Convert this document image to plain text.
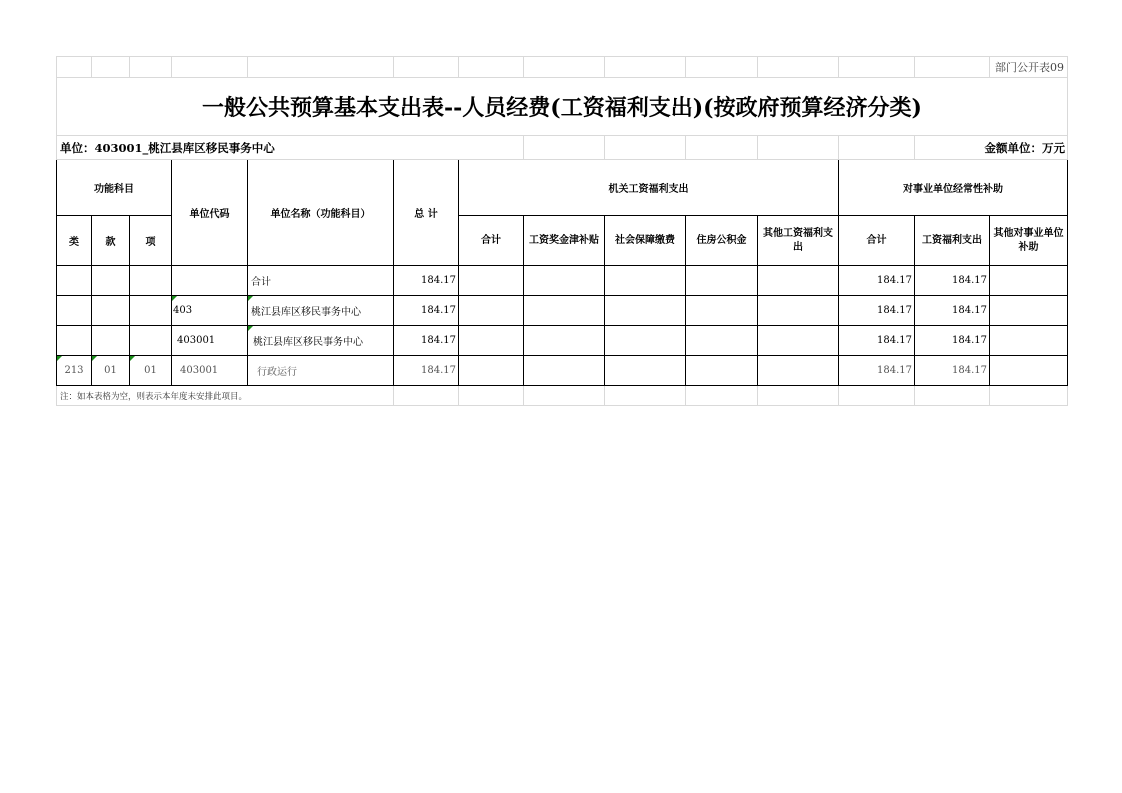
													部门公开表09
一般公共预算基本支出表--人员经费(工资福利支出)(按政府预算经济分类)													
单位：403001_桃江县库区移民事务中心												金额单位：万元	
功能科目			单位代码	单位名称（功能科目）	总 计	机关工资福利支出					对事业单位经常性补助		
类	款	项				合计	工资奖金津补贴	社会保障缴费	住房公积金	其他工资福利支出	合计	工资福利支出	其他对事业单位补助
				合计	184.17						184.17	184.17	
			403	桃江县库区移民事务中心	184.17						184.17	184.17	
			403001	桃江县库区移民事务中心	184.17						184.17	184.17	
213	01	01	403001	行政运行	184.17						184.17	184.17	
注：如本表格为空，则表示本年度未安排此项目。													
